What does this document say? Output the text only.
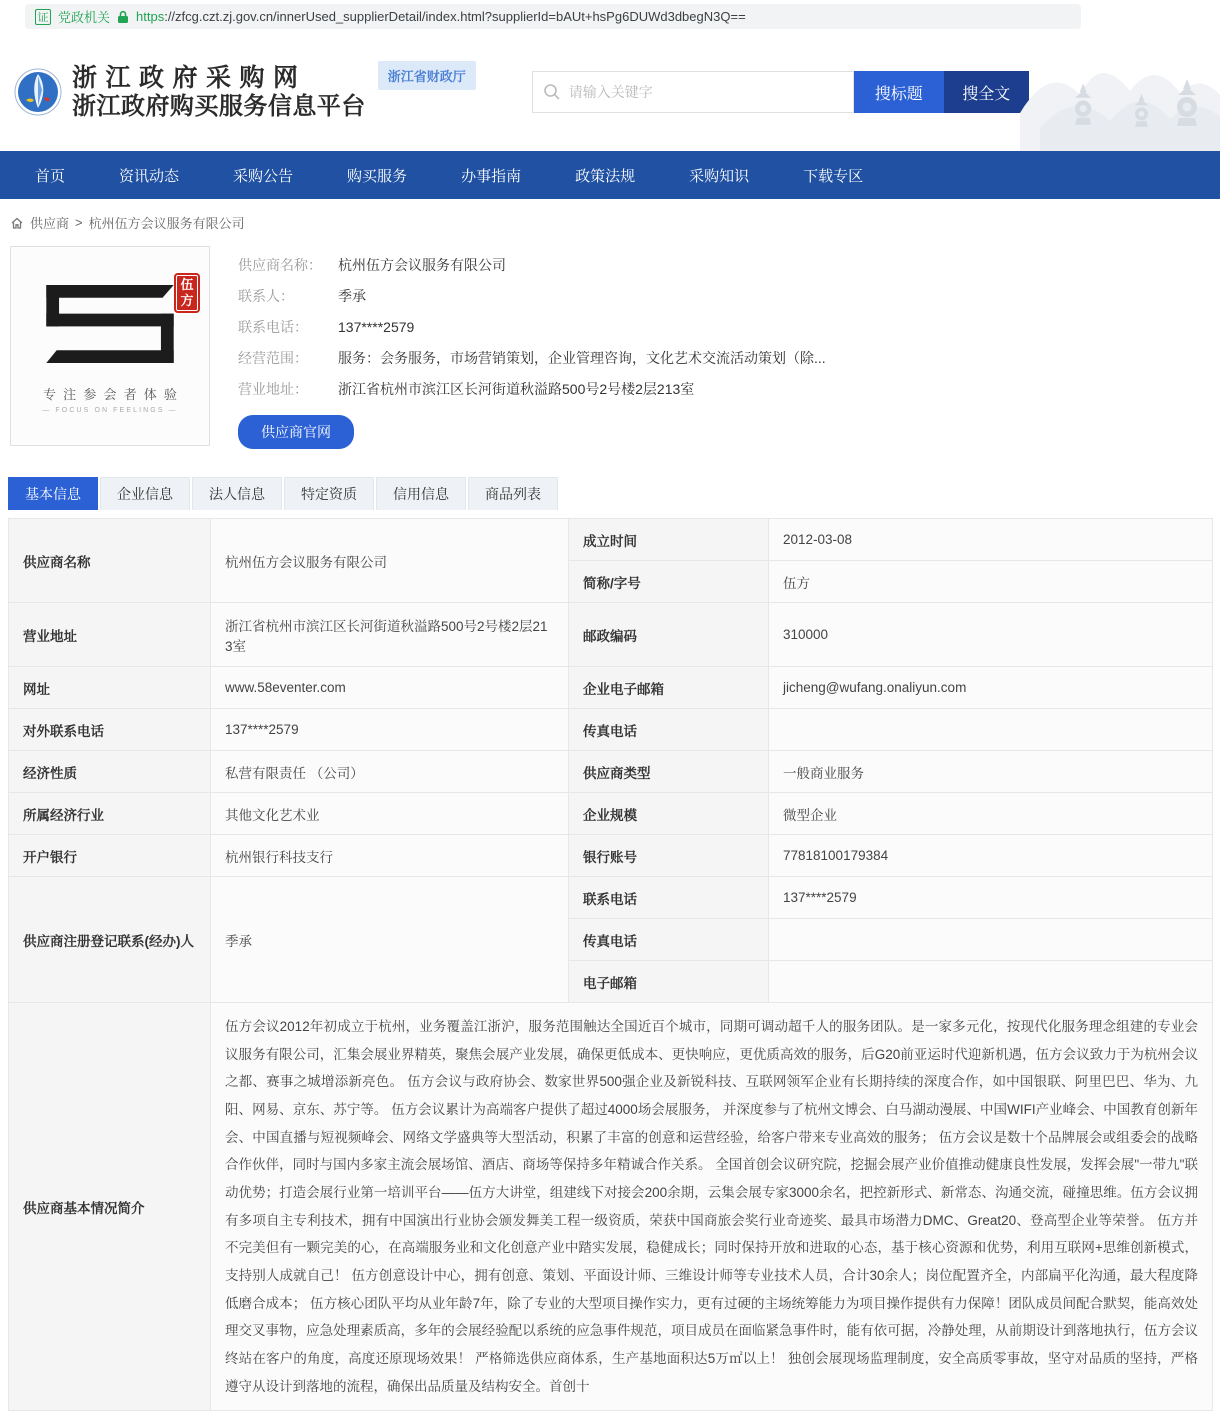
证 党政机关 https://zfcg.czt.zj.gov.cn/innerUsed_supplierDetail/index.html?supplierId=bAUt+hsPg6DUWd3dbegN3Q==
浙江政府采购网
浙江政府购买服务信息平台
浙江省财政厅
请输入关键字
搜标题	搜全文
首页	资讯动态	采购公告	购买服务	办事指南	政策法规	采购知识	下载专区
供应商 > 杭州伍方会议服务有限公司
伍
方
专注参会者体验
— FOCUS ON FEELINGS —
供应商名称：	杭州伍方会议服务有限公司
联系人：	季承
联系电话：	137****2579
经营范围：	服务：会务服务，市场营销策划，企业管理咨询，文化艺术交流活动策划（除...
营业地址：	浙江省杭州市滨江区长河街道秋溢路500号2号楼2层213室
供应商官网
基本信息	企业信息	法人信息	特定资质	信用信息	商品列表
供应商名称	杭州伍方会议服务有限公司	成立时间	2012-03-08
		简称/字号	伍方
营业地址	浙江省杭州市滨江区长河街道秋溢路500号2号楼2层213室	邮政编码	310000
网址	www.58eventer.com	企业电子邮箱	jicheng@wufang.onaliyun.com
对外联系电话	137****2579	传真电话	
经济性质	私营有限责任 （公司）	供应商类型	一般商业服务
所属经济行业	其他文化艺术业	企业规模	微型企业
开户银行	杭州银行科技支行	银行账号	77818100179384
供应商注册登记联系(经办)人	季承	联系电话	137****2579
		传真电话	
		电子邮箱	
供应商基本情况简介	伍方会议2012年初成立于杭州，业务覆盖江浙沪，服务范围触达全国近百个城市，同期可调动超千人的服务团队。是一家多元化，按现代化服务理念组建的专业会议服务有限公司，汇集会展业界精英，聚焦会展产业发展，确保更低成本、更快响应，更优质高效的服务，后G20前亚运时代迎新机遇，伍方会议致力于为杭州会议之都、赛事之城增添新亮色。 伍方会议与政府协会、数家世界500强企业及新锐科技、互联网领军企业有长期持续的深度合作，如中国银联、阿里巴巴、华为、九阳、网易、京东、苏宁等。 伍方会议累计为高端客户提供了超过4000场会展服务， 并深度参与了杭州文博会、白马湖动漫展、中国WIFI产业峰会、中国教育创新年会、中国直播与短视频峰会、网络文学盛典等大型活动，积累了丰富的创意和运营经验，给客户带来专业高效的服务； 伍方会议是数十个品牌展会或组委会的战略合作伙伴，同时与国内多家主流会展场馆、酒店、商场等保持多年精诚合作关系。 全国首创会议研究院，挖掘会展产业价值推动健康良性发展，发挥会展"一带九"联动优势；打造会展行业第一培训平台——伍方大讲堂，组建线下对接会200余期，云集会展专家3000余名，把控新形式、新常态、沟通交流，碰撞思维。伍方会议拥有多项自主专利技术，拥有中国演出行业协会颁发舞美工程一级资质，荣获中国商旅会奖行业奇迹奖、最具市场潜力DMC、Great20、登高型企业等荣誉。 伍方并不完美但有一颗完美的心，在高端服务业和文化创意产业中踏实发展，稳健成长；同时保持开放和进取的心态，基于核心资源和优势，利用互联网+思维创新模式，支持别人成就自己！ 伍方创意设计中心，拥有创意、策划、平面设计师、三维设计师等专业技术人员，合计30余人；岗位配置齐全，内部扁平化沟通，最大程度降低磨合成本； 伍方核心团队平均从业年龄7年，除了专业的大型项目操作实力，更有过硬的主场统筹能力为项目操作提供有力保障！团队成员间配合默契，能高效处理交叉事物，应急处理素质高，多年的会展经验配以系统的应急事件规范，项目成员在面临紧急事件时，能有依可据，冷静处理，从前期设计到落地执行，伍方会议终站在客户的角度，高度还原现场效果！ 严格筛选供应商体系，生产基地面积达5万㎡以上！ 独创会展现场监理制度，安全高质零事故，坚守对品质的坚持，严格遵守从设计到落地的流程，确保出品质量及结构安全。首创十		
